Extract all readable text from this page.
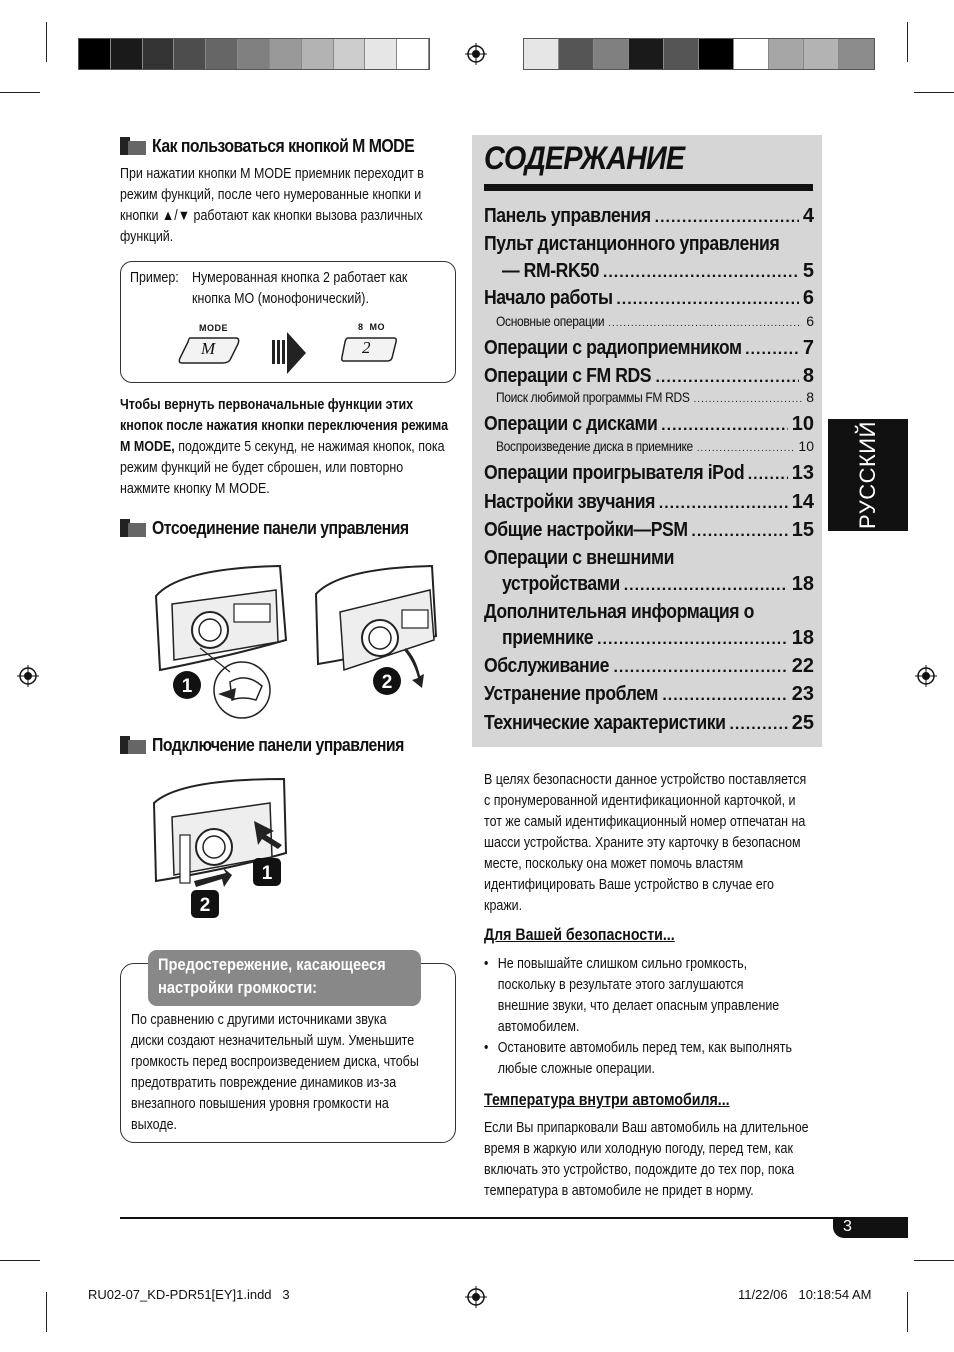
Как пользоваться кнопкой M MODE
При нажатии кнопки M MODE приемник переходит в
режим функций, после чего нумерованные кнопки и
кнопки ▲/▼ работают как кнопки вызова различных
функций.
Пример: Нумерованная кнопка 2 работает как
кнопка MO (монофонический).
MODE
M
8  MO
2
Чтобы вернуть первоначальные функции этих кнопок после нажатия кнопки переключения режима M MODE, подождите 5 секунд, не нажимая кнопок, пока режим функций не будет сброшен, или повторно нажмите кнопку M MODE.
Отсоединение панели управления
1	2
Подключение панели управления
1
2
Предостережение, касающееся настройки громкости:
По сравнению с другими источниками звука
диски создают незначительный шум. Уменьшите
громкость перед воспроизведением диска, чтобы
предотвратить повреждение динамиков из-за
внезапного повышения уровня громкости на
выходе.
СОДЕРЖАНИЕ
Панель управления .....	4
Пульт дистанционного управления
— RM-RK50 .....	5
Начало работы .....	6
Основные операции .....	6
Операции с радиоприемником .....	7
Операции с FM RDS .....	8
Поиск любимой программы FM RDS .....	8
Операции с дисками .....	10
Воспроизведение диска в приемнике .....	10
Операции проигрывателя iPod ..... 13
Настройки звучания .....	14
Общие настройки—PSM .....	15
Операции с внешними
устройствами .....	18
Дополнительная информация о
приемнике .....	18
Обслуживание .....	22
Устранение проблем .....	23
Технические характеристики .....	25
РУССКИЙ
В целях безопасности данное устройство поставляется
с пронумерованной идентификационной карточкой, и
тот же самый идентификационный номер отпечатан на
шасси устройства. Храните эту карточку в безопасном
месте, поскольку она может помочь властям
идентифицировать Ваше устройство в случае его
кражи.
Для Вашей безопасности...
• Не повышайте слишком сильно громкость,
поскольку в результате этого заглушаются
внешние звуки, что делает опасным управление
автомобилем.
• Остановите автомобиль перед тем, как выполнять
любые сложные операции.
Температура внутри автомобиля...
Если Вы припарковали Ваш автомобиль на длительное
время в жаркую или холодную погоду, перед тем, как
включать это устройство, подождите до тех пор, пока
температура в автомобиле не придет в норму.
3
RU02-07_KD-PDR51[EY]1.indd   3	11/22/06   10:18:54 AM
